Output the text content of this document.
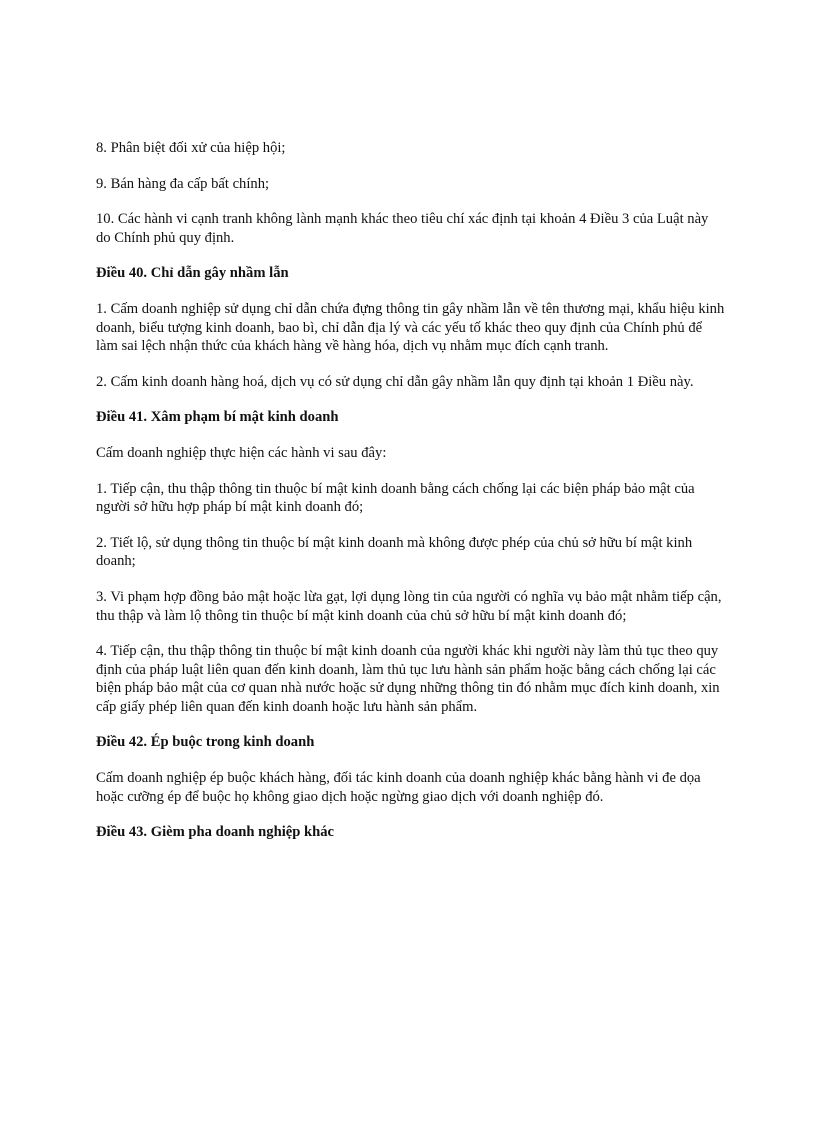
8. Phân biệt đối xử của hiệp hội;

9. Bán hàng đa cấp bất chính;

10. Các hành vi cạnh tranh không lành mạnh khác theo tiêu chí xác định tại khoản 4 Điều 3 của Luật này do Chính phủ quy định.

Điều 40. Chỉ dẫn gây nhầm lẫn

1. Cấm doanh nghiệp sử dụng chỉ dẫn chứa đựng thông tin gây nhầm lẫn về tên thương mại, khẩu hiệu kinh doanh, biểu tượng kinh doanh, bao bì, chỉ dẫn địa lý và các yếu tố khác theo quy định của Chính phủ để làm sai lệch nhận thức của khách hàng về hàng hóa, dịch vụ nhằm mục đích cạnh tranh.

2. Cấm kinh doanh hàng hoá, dịch vụ có sử dụng chỉ dẫn gây nhầm lẫn quy định tại khoản 1 Điều này.

Điều 41. Xâm phạm bí mật kinh doanh

Cấm doanh nghiệp thực hiện các hành vi sau đây:

1. Tiếp cận, thu thập thông tin thuộc bí mật kinh doanh bằng cách chống lại các biện pháp bảo mật của người sở hữu hợp pháp bí mật kinh doanh đó;

2. Tiết lộ, sử dụng thông tin thuộc bí mật kinh doanh mà không được phép của chủ sở hữu bí mật kinh doanh;

3. Vi phạm hợp đồng bảo mật hoặc lừa gạt, lợi dụng lòng tin của người có nghĩa vụ bảo mật nhằm tiếp cận, thu thập và làm lộ thông tin thuộc bí mật kinh doanh của chủ sở hữu bí mật kinh doanh đó;

4. Tiếp cận, thu thập thông tin thuộc bí mật kinh doanh của người khác khi người này làm thủ tục theo quy định của pháp luật liên quan đến kinh doanh, làm thủ tục lưu hành sản phẩm hoặc bằng cách chống lại các biện pháp bảo mật của cơ quan nhà nước hoặc sử dụng những thông tin đó nhằm mục đích kinh doanh, xin cấp giấy phép liên quan đến kinh doanh hoặc lưu hành sản phẩm.

Điều 42. Ép buộc trong kinh doanh

Cấm doanh nghiệp ép buộc khách hàng, đối tác kinh doanh của doanh nghiệp khác bằng hành vi đe dọa hoặc cưỡng ép để buộc họ không giao dịch hoặc ngừng giao dịch với doanh nghiệp đó.

Điều 43. Gièm pha doanh nghiệp khác
